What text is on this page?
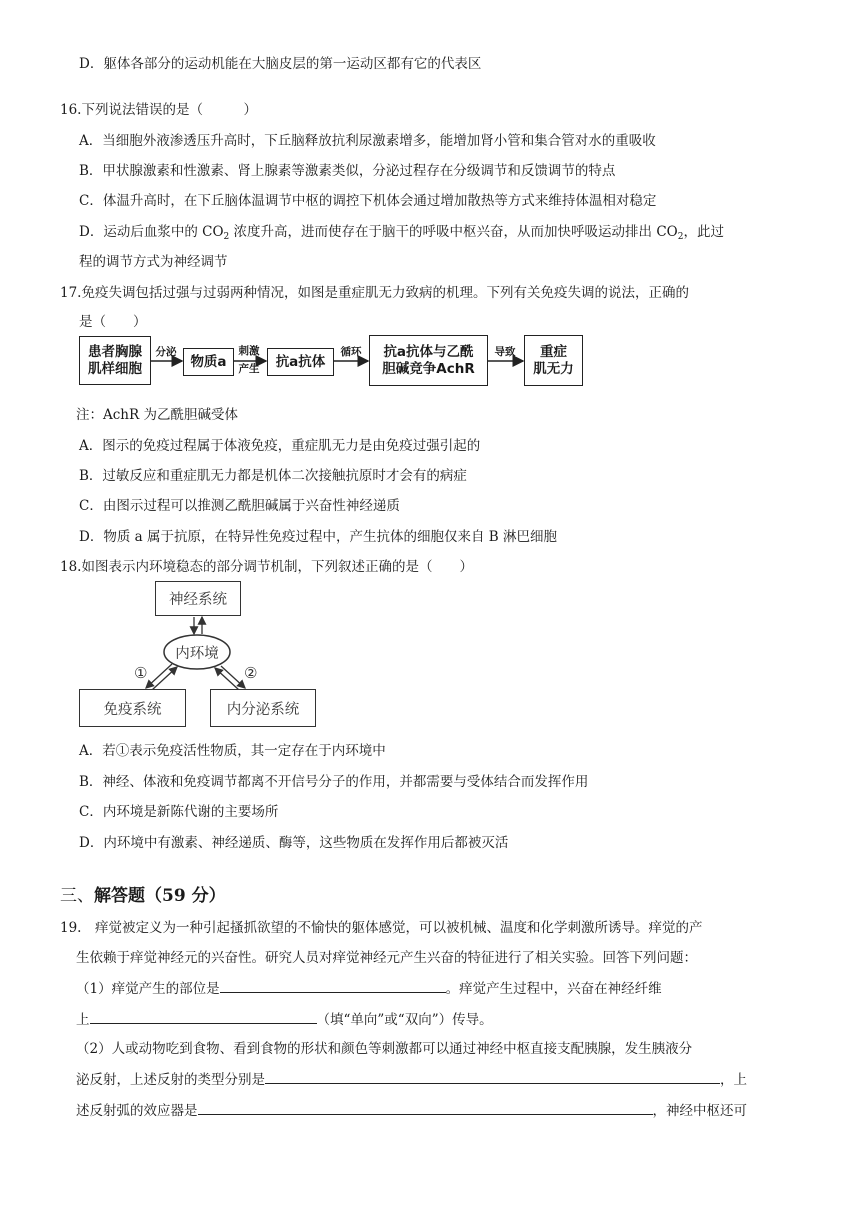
D．躯体各部分的运动机能在大脑皮层的第一运动区都有它的代表区
16.下列说法错误的是（　　　）
A．当细胞外液渗透压升高时，下丘脑释放抗利尿激素增多，能增加肾小管和集合管对水的重吸收
B．甲状腺激素和性激素、肾上腺素等激素类似，分泌过程存在分级调节和反馈调节的特点
C．体温升高时，在下丘脑体温调节中枢的调控下机体会通过增加散热等方式来维持体温相对稳定
D．运动后血浆中的 $CO_2$ 浓度升高，进而使存在于脑干的呼吸中枢兴奋，从而加快呼吸运动排出 $CO_2$，此过
程的调节方式为神经调节
17.免疫失调包括过强与过弱两种情况，如图是重症肌无力致病的机理。下列有关免疫失调的说法，正确的
是（　　）
患者胸腺
肌样细胞
分泌
物质a
刺激
产生	抗a抗体
循环	抗a抗体与乙酰
胆碱竞争AchR
导致	重症
肌无力
注：AchR 为乙酰胆碱受体
A．图示的免疫过程属于体液免疫，重症肌无力是由免疫过强引起的
B．过敏反应和重症肌无力都是机体二次接触抗原时才会有的病症
C．由图示过程可以推测乙酰胆碱属于兴奋性神经递质
D．物质 a 属于抗原，在特异性免疫过程中，产生抗体的细胞仅来自 B 淋巴细胞
18.如图表示内环境稳态的部分调节机制，下列叙述正确的是（　　）
神经系统
内环境
免疫系统	内分泌系统
①	②
A．若①表示免疫活性物质，其一定存在于内环境中
B．神经、体液和免疫调节都离不开信号分子的作用，并都需要与受体结合而发挥作用
C．内环境是新陈代谢的主要场所
D．内环境中有激素、神经递质、酶等，这些物质在发挥作用后都被灭活
三、解答题（59 分）
19.　痒觉被定义为一种引起搔抓欲望的不愉快的躯体感觉，可以被机械、温度和化学刺激所诱导。痒觉的产
生依赖于痒觉神经元的兴奋性。研究人员对痒觉神经元产生兴奋的特征进行了相关实验。回答下列问题：
（1）痒觉产生的部位是	。痒觉产生过程中，兴奋在神经纤维
上	（填“单向”或“双向”）传导。
（2）人或动物吃到食物、看到食物的形状和颜色等刺激都可以通过神经中枢直接支配胰腺，发生胰液分
泌反射，上述反射的类型分别是	，上
述反射弧的效应器是	，神经中枢还可
